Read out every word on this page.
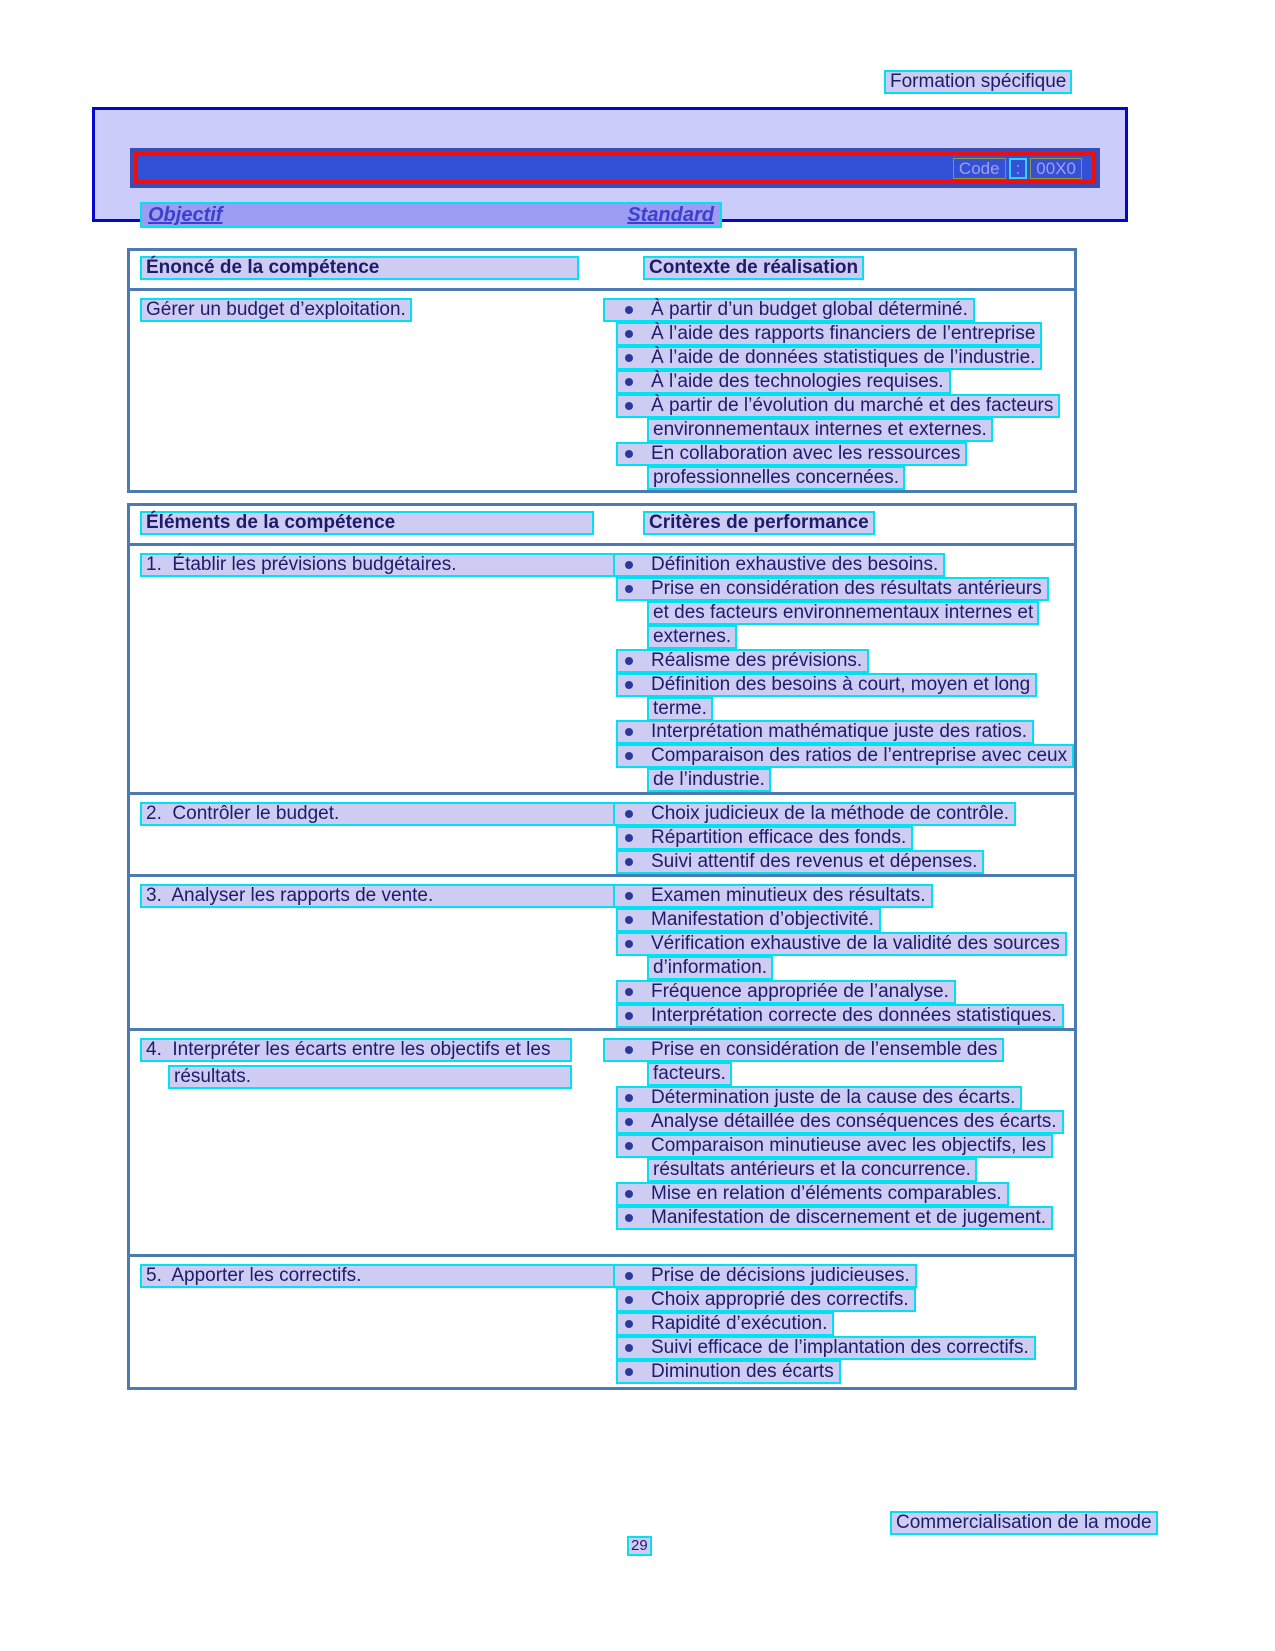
Formation spécifique
Code : 00X0
Objectif	Standard
Énoncé de la compétence	Contexte de réalisation
Gérer un budget d’exploitation.	À partir d’un budget global déterminé.
À l’aide des rapports financiers de l’entreprise
À l’aide de données statistiques de l’industrie.
À l’aide des technologies requises.
À partir de l’évolution du marché et des facteurs
environnementaux internes et externes.
En collaboration avec les ressources
professionnelles concernées.
Éléments de la compétence	Critères de performance
1.  Établir les prévisions budgétaires.	Définition exhaustive des besoins.
Prise en considération des résultats antérieurs
et des facteurs environnementaux internes et
externes.
Réalisme des prévisions.
Définition des besoins à court, moyen et long
terme.
Interprétation mathématique juste des ratios.
Comparaison des ratios de l’entreprise avec ceux
de l’industrie.
2.  Contrôler le budget.	Choix judicieux de la méthode de contrôle.
Répartition efficace des fonds.
Suivi attentif des revenus et dépenses.
3.  Analyser les rapports de vente.	Examen minutieux des résultats.
Manifestation d’objectivité.
Vérification exhaustive de la validité des sources
d’information.
Fréquence appropriée de l’analyse.
Interprétation correcte des données statistiques.
4.  Interpréter les écarts entre les objectifs et les
résultats.
Prise en considération de l’ensemble des
facteurs.
Détermination juste de la cause des écarts.
Analyse détaillée des conséquences des écarts.
Comparaison minutieuse avec les objectifs, les
résultats antérieurs et la concurrence.
Mise en relation d’éléments comparables.
Manifestation de discernement et de jugement.
5.  Apporter les correctifs.	Prise de décisions judicieuses.
Choix approprié des correctifs.
Rapidité d’exécution.
Suivi efficace de l’implantation des correctifs.
Diminution des écarts
Commercialisation de la mode
29
